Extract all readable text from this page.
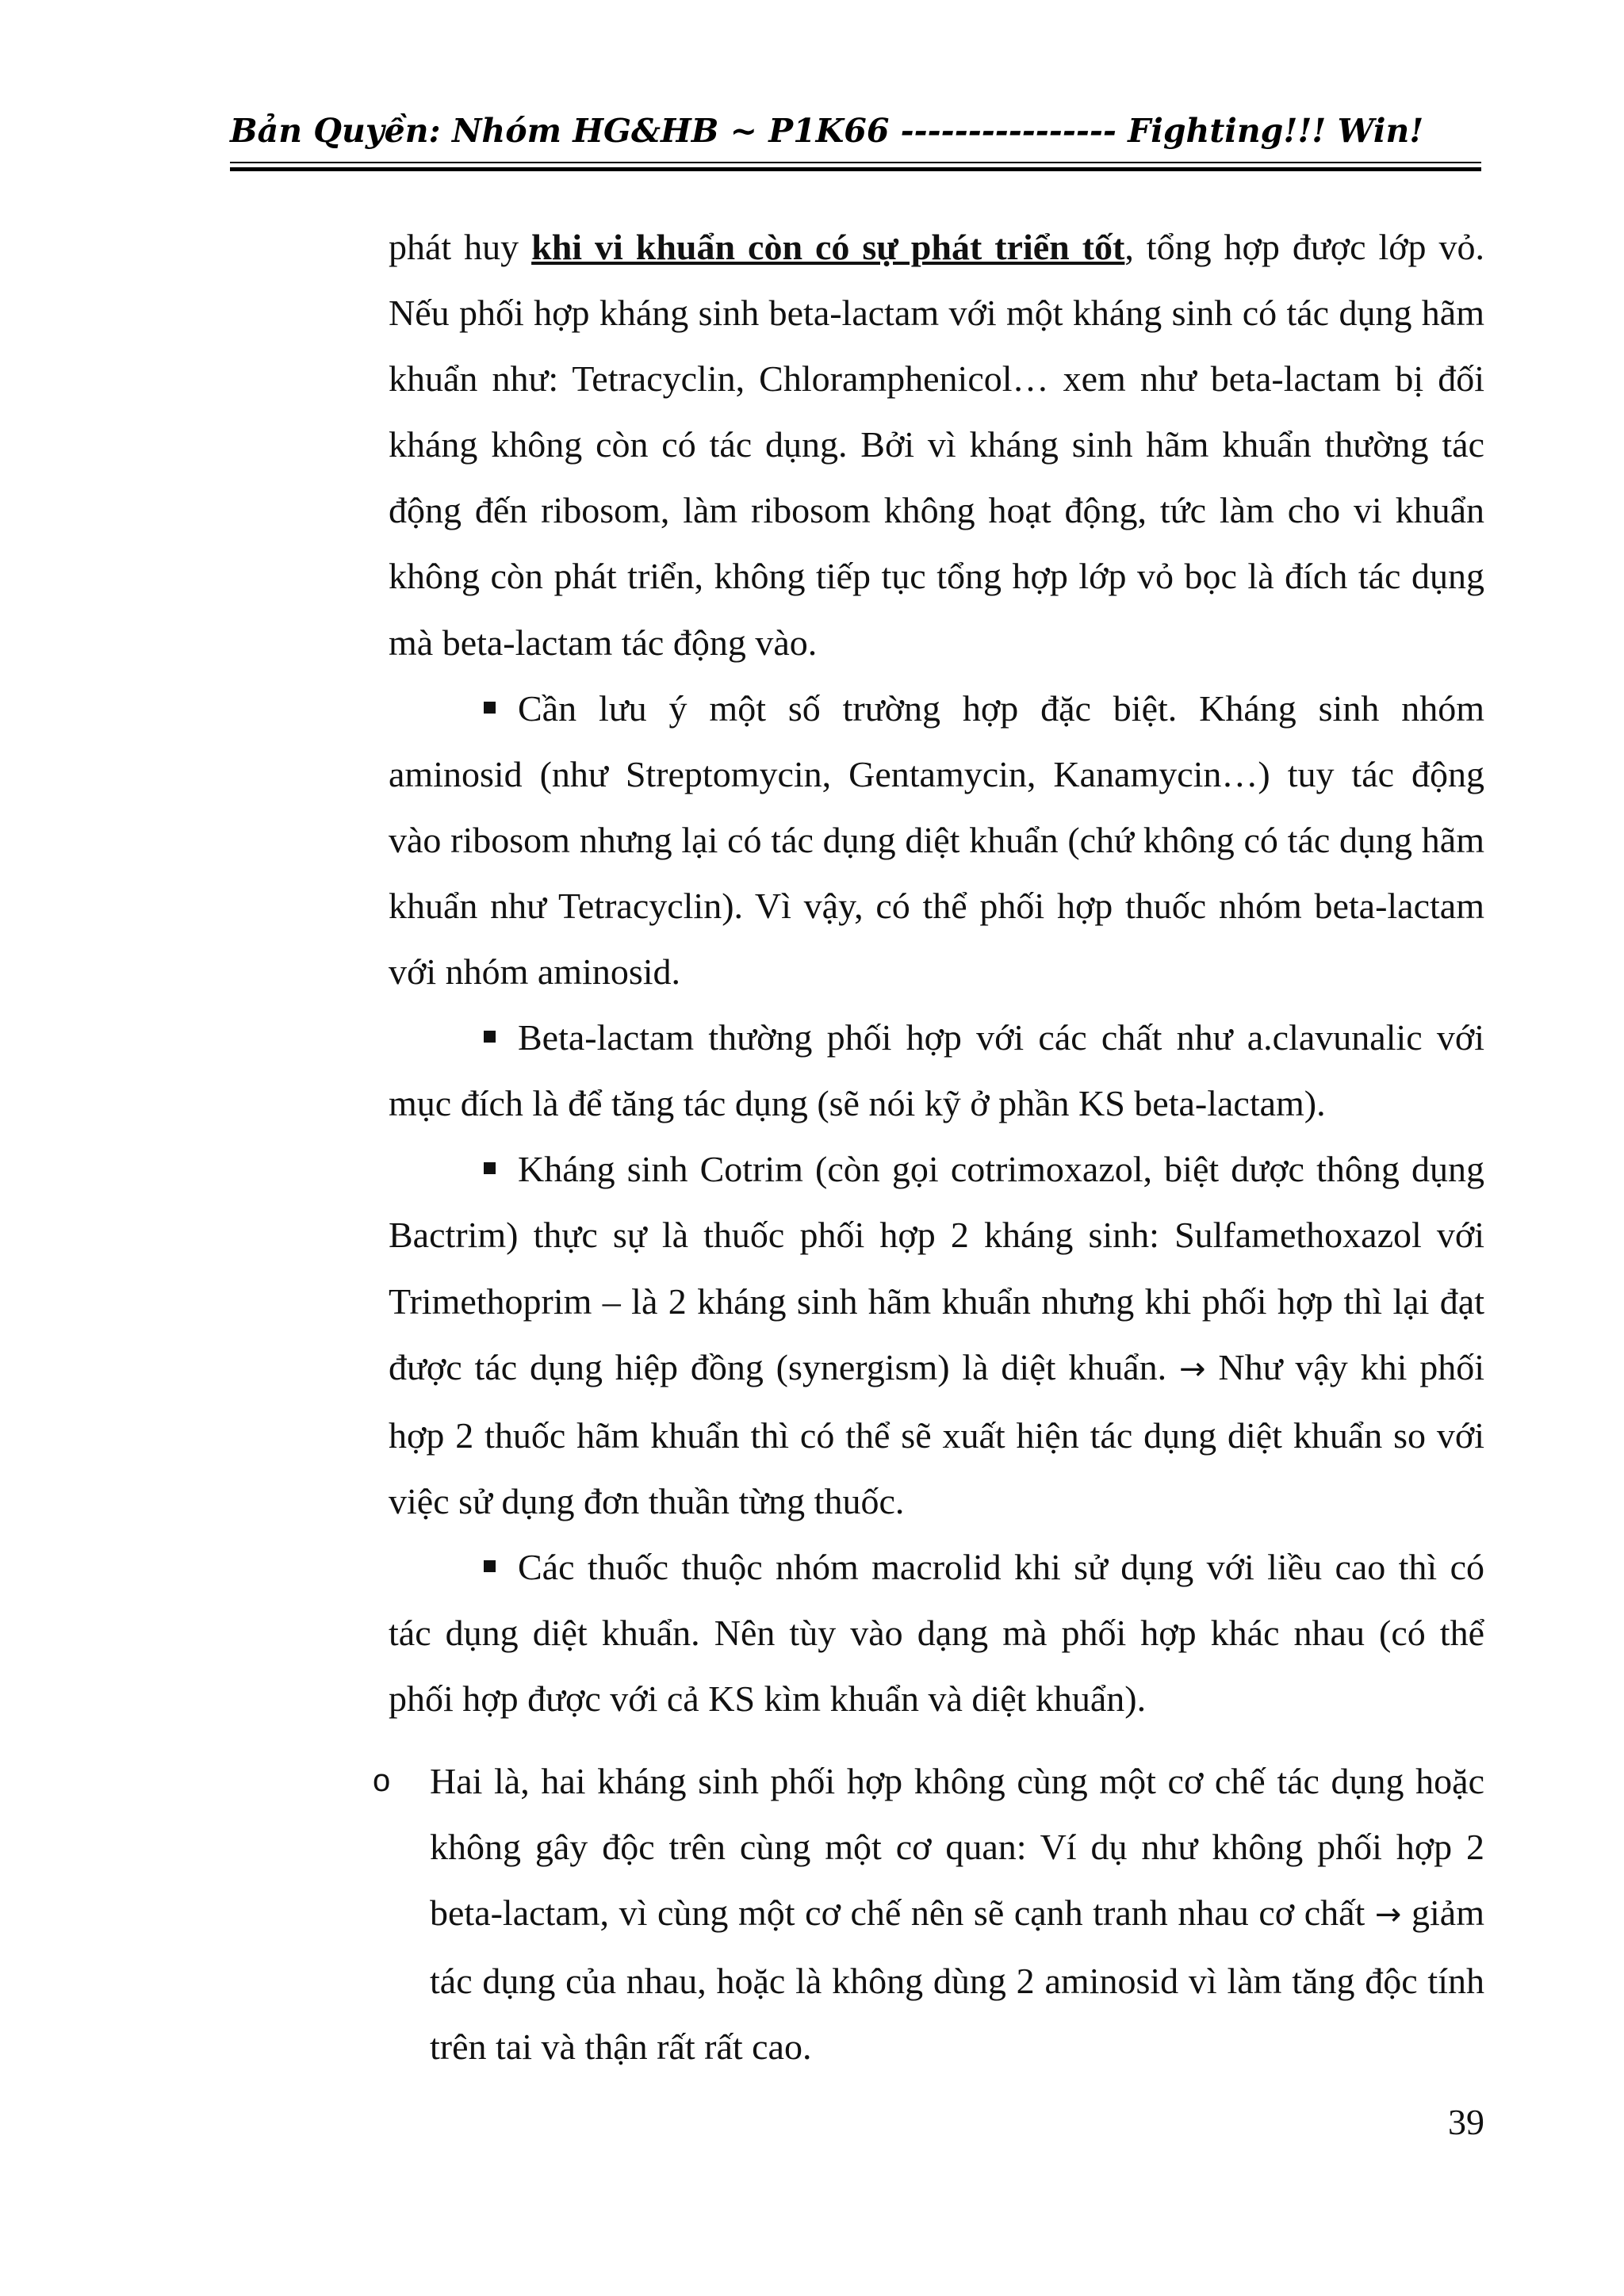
Bản Quyền: Nhóm HG&HB ~ P1K66 ---------------- Fighting!!! Win!

phát huy khi vi khuẩn còn có sự phát triển tốt, tổng hợp được lớp vỏ. Nếu phối hợp kháng sinh beta-lactam với một kháng sinh có tác dụng hãm khuẩn như: Tetracyclin, Chloramphenicol… xem như beta-lactam bị đối kháng không còn có tác dụng. Bởi vì kháng sinh hãm khuẩn thường tác động đến ribosom, làm ribosom không hoạt động, tức làm cho vi khuẩn không còn phát triển, không tiếp tục tổng hợp lớp vỏ bọc là đích tác dụng mà beta-lactam tác động vào.

Cần lưu ý một số trường hợp đặc biệt. Kháng sinh nhóm aminosid (như Streptomycin, Gentamycin, Kanamycin…) tuy tác động vào ribosom nhưng lại có tác dụng diệt khuẩn (chứ không có tác dụng hãm khuẩn như Tetracyclin). Vì vậy, có thể phối hợp thuốc nhóm beta-lactam với nhóm aminosid.

Beta-lactam thường phối hợp với các chất như a.clavunalic với mục đích là để tăng tác dụng (sẽ nói kỹ ở phần KS beta-lactam).

Kháng sinh Cotrim (còn gọi cotrimoxazol, biệt dược thông dụng Bactrim) thực sự là thuốc phối hợp 2 kháng sinh: Sulfamethoxazol với Trimethoprim – là 2 kháng sinh hãm khuẩn nhưng khi phối hợp thì lại đạt được tác dụng hiệp đồng (synergism) là diệt khuẩn. → Như vậy khi phối hợp 2 thuốc hãm khuẩn thì có thể sẽ xuất hiện tác dụng diệt khuẩn so với việc sử dụng đơn thuần từng thuốc.

Các thuốc thuộc nhóm macrolid khi sử dụng với liều cao thì có tác dụng diệt khuẩn. Nên tùy vào dạng mà phối hợp khác nhau (có thể phối hợp được với cả KS kìm khuẩn và diệt khuẩn).

o	Hai là, hai kháng sinh phối hợp không cùng một cơ chế tác dụng hoặc không gây độc trên cùng một cơ quan: Ví dụ như không phối hợp 2 beta-lactam, vì cùng một cơ chế nên sẽ cạnh tranh nhau cơ chất → giảm tác dụng của nhau, hoặc là không dùng 2 aminosid vì làm tăng độc tính trên tai và thận rất rất cao.
39
